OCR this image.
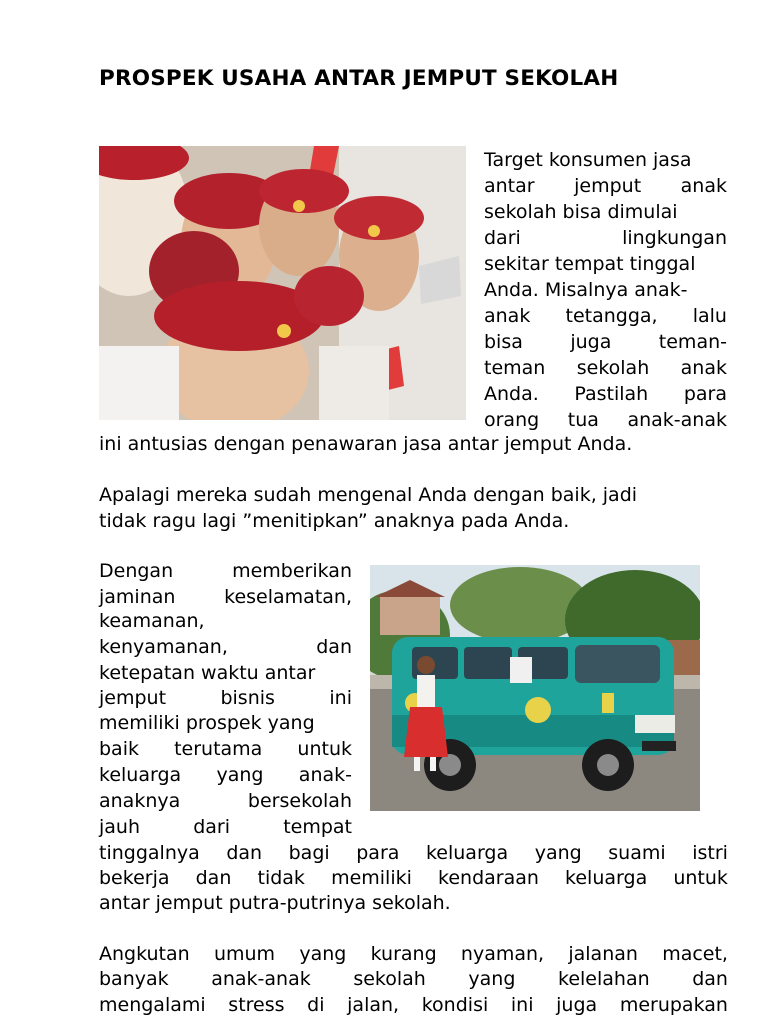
PROSPEK USAHA ANTAR JEMPUT SEKOLAH

Target konsumen jasa

antar jemput anak

sekolah bisa dimulai

dari	lingkungan

sekitar tempat tinggal

Anda. Misalnya anak-

anak tetangga, lalu

bisa juga teman-

teman sekolah anak

Anda. Pastilah para

orang tua anak-anak

ini antusias dengan penawaran jasa antar jemput Anda.

Apalagi mereka sudah mengenal Anda dengan baik, jadi

tidak ragu lagi ”menitipkan” anaknya pada Anda.

Dengan	memberikan

jaminan	keselamatan,

keamanan,

kenyamanan,	dan

ketepatan waktu antar

jemput	bisnis	ini

memiliki prospek yang

baik terutama untuk

keluarga yang anak-

anaknya	bersekolah

jauh	dari	tempat

tinggalnya dan bagi para keluarga yang suami istri

bekerja dan tidak memiliki kendaraan keluarga untuk

antar jemput putra-putrinya sekolah.

Angkutan umum yang kurang nyaman, jalanan macet,

banyak anak-anak sekolah yang kelelahan dan

mengalami stress di jalan, kondisi ini juga merupakan
